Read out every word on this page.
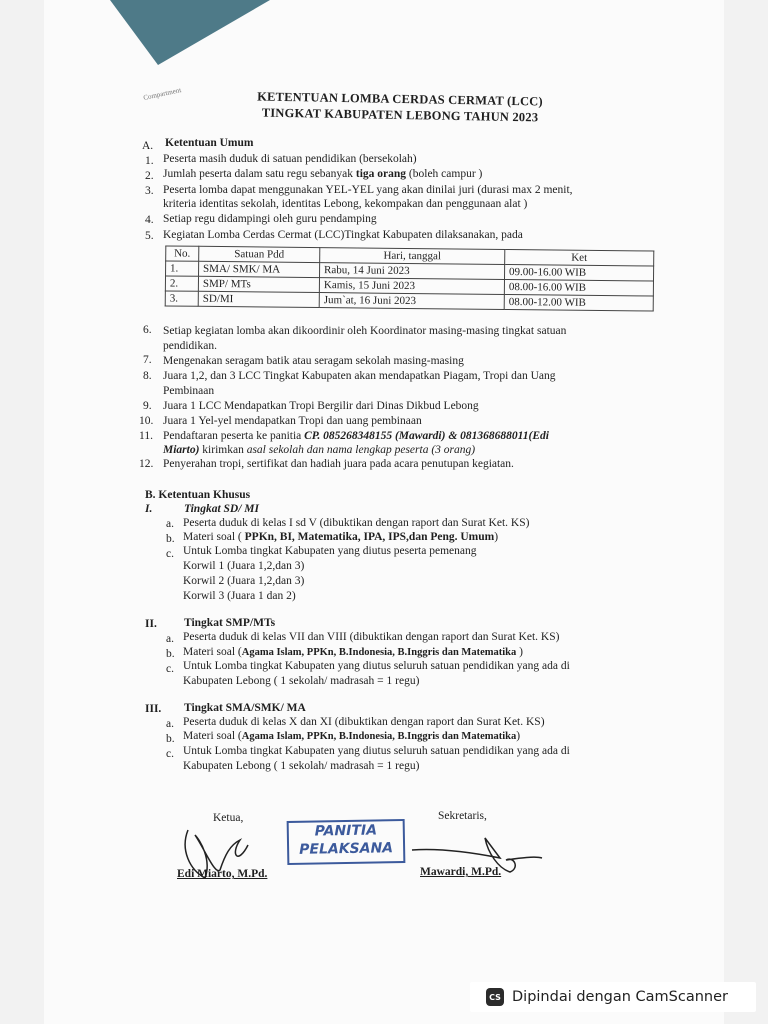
Compartment	KETENTUAN LOMBA CERDAS CERMAT (LCC)
TINGKAT KABUPATEN LEBONG TAHUN 2023
A. Ketentuan Umum
1. Peserta masih duduk di satuan pendidikan (bersekolah)
2. Jumlah peserta dalam satu regu sebanyak tiga orang (boleh campur )
3. Peserta lomba dapat menggunakan YEL-YEL yang akan dinilai juri (durasi max 2 menit,
kriteria identitas sekolah, identitas Lebong, kekompakan dan penggunaan alat )
4. Setiap regu didampingi oleh guru pendamping
5. Kegiatan Lomba Cerdas Cermat (LCC)Tingkat Kabupaten dilaksanakan, pada
No.	Satuan Pdd	Hari, tanggal	Ket
1.	SMA/ SMK/ MA	Rabu, 14 Juni 2023	09.00-16.00 WIB
2.	SMP/ MTs	Kamis, 15 Juni 2023	08.00-16.00 WIB
3.	SD/MI	Jum`at, 16 Juni 2023	08.00-12.00 WIB
6. Setiap kegiatan lomba akan dikoordinir oleh Koordinator masing-masing tingkat satuan
pendidikan.
7. Mengenakan seragam batik atau seragam sekolah masing-masing
8. Juara 1,2, dan 3 LCC Tingkat Kabupaten akan mendapatkan Piagam, Tropi dan Uang
Pembinaan
9. Juara 1 LCC Mendapatkan Tropi Bergilir dari Dinas Dikbud Lebong
10. Juara 1 Yel-yel mendapatkan Tropi dan uang pembinaan
11. Pendaftaran peserta ke panitia CP. 085268348155 (Mawardi) & 081368688011(Edi
Miarto) kirimkan asal sekolah dan nama lengkap peserta (3 orang)
12. Penyerahan tropi, sertifikat dan hadiah juara pada acara penutupan kegiatan.
B. Ketentuan Khusus
I.	Tingkat SD/ MI
a. Peserta duduk di kelas I sd V (dibuktikan dengan raport dan Surat Ket. KS)
b. Materi soal ( PPKn, BI, Matematika, IPA, IPS,dan Peng. Umum)
c. Untuk Lomba tingkat Kabupaten yang diutus peserta pemenang
Korwil 1 (Juara 1,2,dan 3)
Korwil 2 (Juara 1,2,dan 3)
Korwil 3 (Juara 1 dan 2)
II. Tingkat SMP/MTs
a. Peserta duduk di kelas VII dan VIII (dibuktikan dengan raport dan Surat Ket. KS)
b. Materi soal (Agama Islam, PPKn, B.Indonesia, B.Inggris dan Matematika )
c. Untuk Lomba tingkat Kabupaten yang diutus seluruh satuan pendidikan yang ada di
Kabupaten Lebong ( 1 sekolah/ madrasah = 1 regu)
III. Tingkat SMA/SMK/ MA
a. Peserta duduk di kelas X dan XI (dibuktikan dengan raport dan Surat Ket. KS)
b. Materi soal (Agama Islam, PPKn, B.Indonesia, B.Inggris dan Matematika)
c. Untuk Lomba tingkat Kabupaten yang diutus seluruh satuan pendidikan yang ada di
Kabupaten Lebong ( 1 sekolah/ madrasah = 1 regu)
Ketua,	Sekretaris,
PANITIA
PELAKSANA
Edi Miarto, M.Pd.	Mawardi, M.Pd.
CS Dipindai dengan CamScanner
